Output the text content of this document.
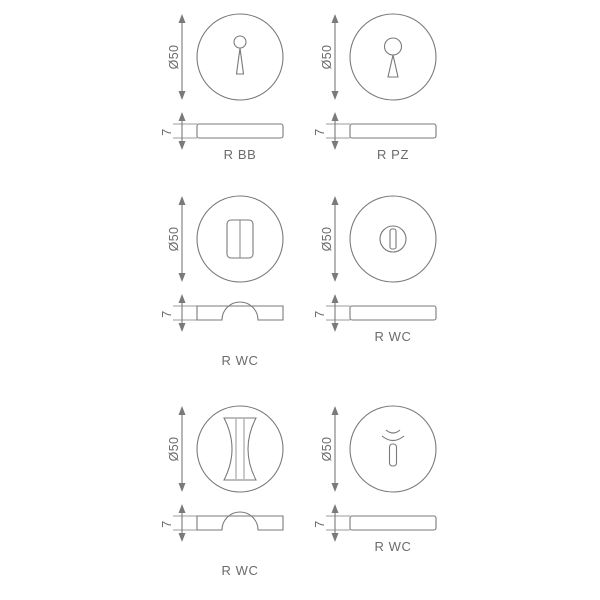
Ø50
7
R BB
Ø50
7
R PZ
Ø50
7
R WC
Ø50
7
R WC
Ø50
7
R WC
Ø50
7
R WC
